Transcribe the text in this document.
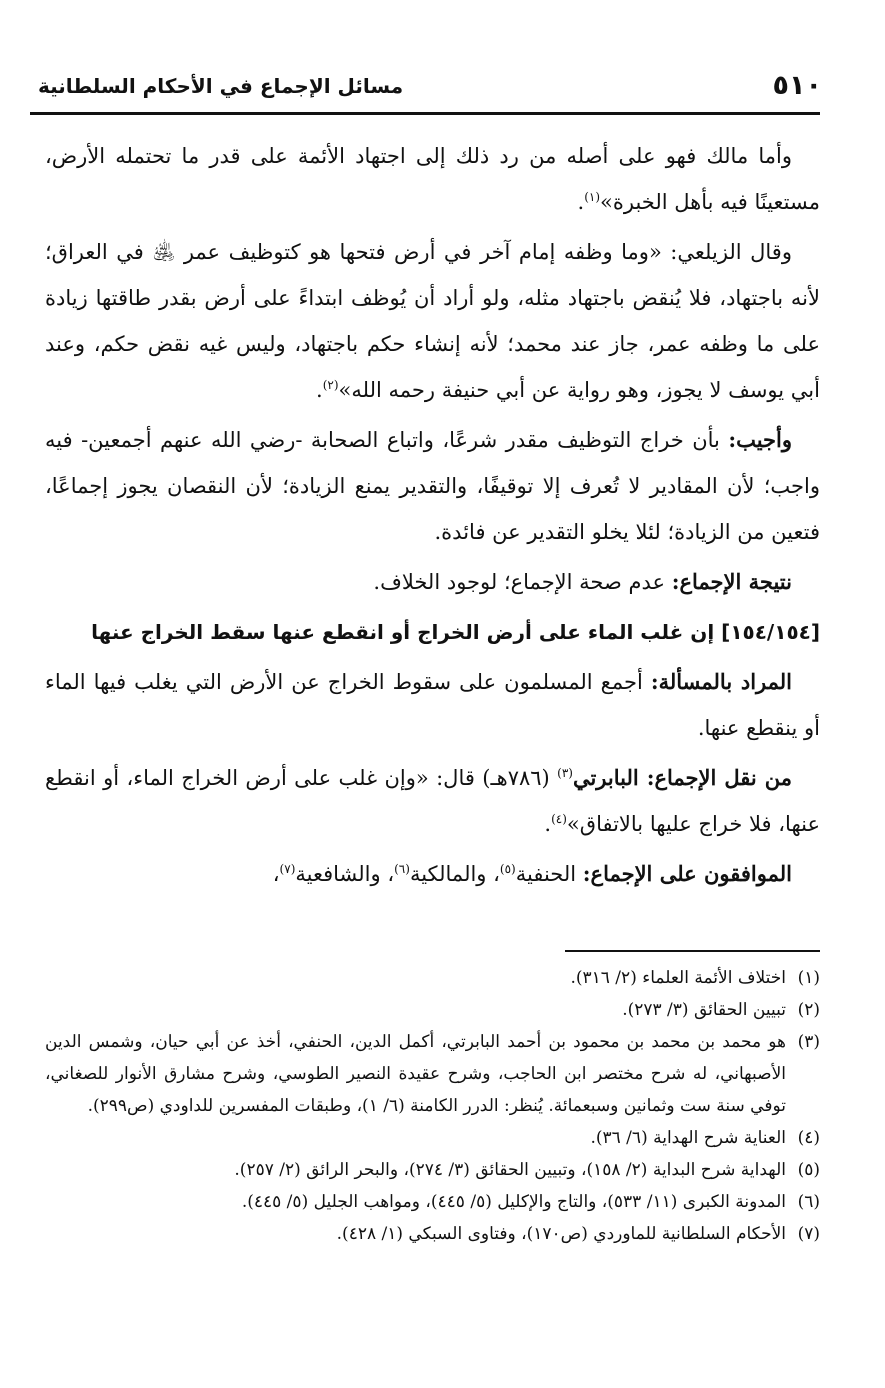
٥١٠
مسائل الإجماع في الأحكام السلطانية

وأما مالك فهو على أصله من رد ذلك إلى اجتهاد الأئمة على قدر ما تحتمله الأرض، مستعينًا فيه بأهل الخبرة»$^{(١)}$.

وقال الزيلعي: «وما وظفه إمام آخر في أرض فتحها هو كتوظيف عمر ﵁ في العراق؛ لأنه باجتهاد، فلا يُنقض باجتهاد مثله، ولو أراد أن يُوظف ابتداءً على أرض بقدر طاقتها زيادة على ما وظفه عمر، جاز عند محمد؛ لأنه إنشاء حكم باجتهاد، وليس غيه نقض حكم، وعند أبي يوسف لا يجوز، وهو رواية عن أبي حنيفة رحمه الله»$^{(٢)}$.

وأجيب: بأن خراج التوظيف مقدر شرعًا، واتباع الصحابة -رضي الله عنهم أجمعين- فيه واجب؛ لأن المقادير لا تُعرف إلا توقيفًا، والتقدير يمنع الزيادة؛ لأن النقصان يجوز إجماعًا، فتعين من الزيادة؛ لئلا يخلو التقدير عن فائدة.

نتيجة الإجماع: عدم صحة الإجماع؛ لوجود الخلاف.

[١٥٤/١٥٤] إن غلب الماء على أرض الخراج أو انقطع عنها سقط الخراج عنها

المراد بالمسألة: أجمع المسلمون على سقوط الخراج عن الأرض التي يغلب فيها الماء أو ينقطع عنها.

من نقل الإجماع: البابرتي$^{(٣)}$ (٧٨٦هـ) قال: «وإن غلب على أرض الخراج الماء، أو انقطع عنها، فلا خراج عليها بالاتفاق»$^{(٤)}$.

الموافقون على الإجماع: الحنفية$^{(٥)}$، والمالكية$^{(٦)}$، والشافعية$^{(٧)}$،

(١)
اختلاف الأئمة العلماء (٢/ ٣١٦).
(٢)
تبيين الحقائق (٣/ ٢٧٣).
(٣)
هو محمد بن محمد بن محمود بن أحمد البابرتي، أكمل الدين، الحنفي، أخذ عن أبي حيان، وشمس الدين الأصبهاني، له شرح مختصر ابن الحاجب، وشرح عقيدة النصير الطوسي، وشرح مشارق الأنوار للصغاني، توفي سنة ست وثمانين وسبعمائة. يُنظر: الدرر الكامنة (٦/ ١)، وطبقات المفسرين للداودي (ص٢٩٩).
(٤)
العناية شرح الهداية (٦/ ٣٦).
(٥)
الهداية شرح البداية (٢/ ١٥٨)، وتبيين الحقائق (٣/ ٢٧٤)، والبحر الرائق (٢/ ٢٥٧).
(٦)
المدونة الكبرى (١١/ ٥٣٣)، والتاج والإكليل (٥/ ٤٤٥)، ومواهب الجليل (٥/ ٤٤٥).
(٧)
الأحكام السلطانية للماوردي (ص١٧٠)، وفتاوى السبكي (١/ ٤٢٨).
